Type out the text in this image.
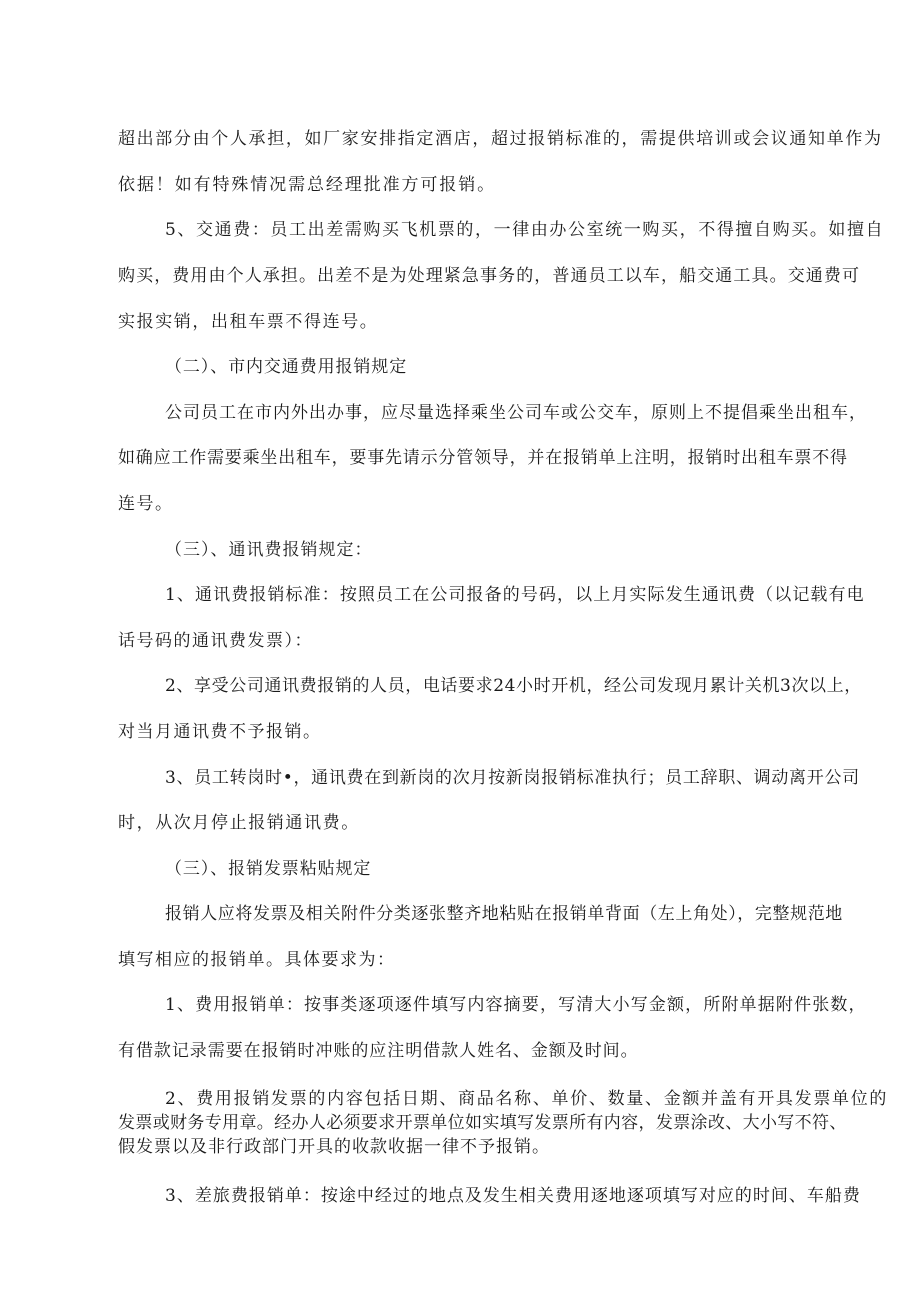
超出部分由个人承担，如厂家安排指定酒店，超过报销标准的，需提供培训或会议通知单作为

依据！如有特殊情况需总经理批准方可报销。

5、交通费：员工出差需购买飞机票的，一律由办公室统一购买，不得擅自购买。如擅自

购买，费用由个人承担。出差不是为处理紧急事务的，普通员工以车，船交通工具。交通费可

实报实销，出租车票不得连号。

（二）、市内交通费用报销规定

公司员工在市内外出办事，应尽量选择乘坐公司车或公交车，原则上不提倡乘坐出租车，

如确应工作需要乘坐出租车，要事先请示分管领导，并在报销单上注明，报销时出租车票不得

连号。

（三）、通讯费报销规定：

1、通讯费报销标准：按照员工在公司报备的号码，以上月实际发生通讯费（以记载有电

话号码的通讯费发票）：

2、享受公司通讯费报销的人员，电话要求24小时开机，经公司发现月累计关机3次以上，

对当月通讯费不予报销。

3、员工转岗时•，通讯费在到新岗的次月按新岗报销标准执行；员工辞职、调动离开公司

时，从次月停止报销通讯费。

（三）、报销发票粘贴规定

报销人应将发票及相关附件分类逐张整齐地粘贴在报销单背面（左上角处），完整规范地

填写相应的报销单。具体要求为：

1、费用报销单：按事类逐项逐件填写内容摘要，写清大小写金额，所附单据附件张数，

有借款记录需要在报销时冲账的应注明借款人姓名、金额及时间。

2、费用报销发票的内容包括日期、商品名称、单价、数量、金额并盖有开具发票单位的

发票或财务专用章。经办人必须要求开票单位如实填写发票所有内容，发票涂改、大小写不符、

假发票以及非行政部门开具的收款收据一律不予报销。

3、差旅费报销单：按途中经过的地点及发生相关费用逐地逐项填写对应的时间、车船费
